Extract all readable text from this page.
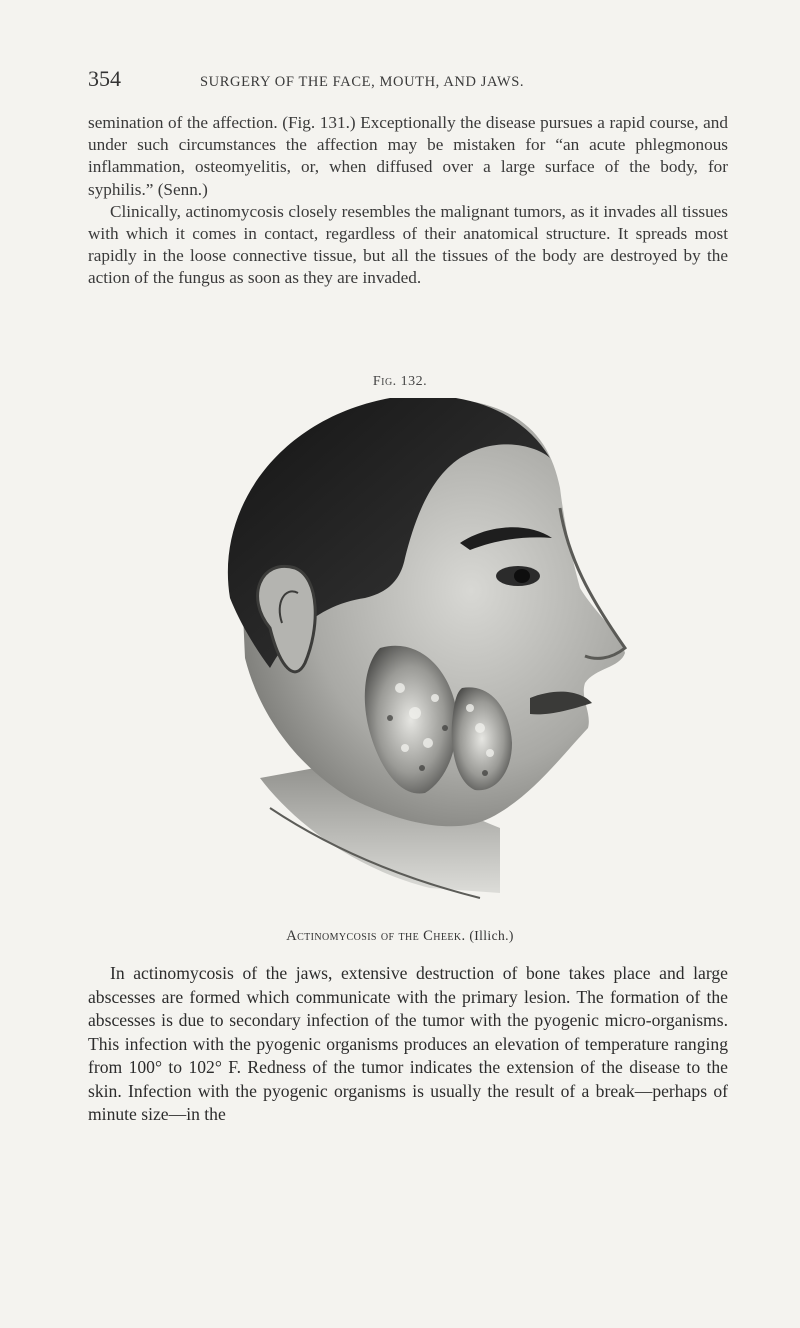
354	SURGERY OF THE FACE, MOUTH, AND JAWS.

semination of the affection. (Fig. 131.) Exceptionally the disease pursues a rapid course, and under such circumstances the affection may be mistaken for “an acute phlegmonous inflammation, osteomyelitis, or, when diffused over a large surface of the body, for syphilis.” (Senn.)
Clinically, actinomycosis closely resembles the malignant tumors, as it invades all tissues with which it comes in contact, regardless of their anatomical structure. It spreads most rapidly in the loose connective tissue, but all the tissues of the body are destroyed by the action of the fungus as soon as they are invaded.

Fig. 132.
Actinomycosis of the Cheek. (Illich.)

In actinomycosis of the jaws, extensive destruction of bone takes place and large abscesses are formed which communicate with the primary lesion. The formation of the abscesses is due to secondary infection of the tumor with the pyogenic micro-organisms. This infection with the pyogenic organisms produces an elevation of temperature ranging from 100° to 102° F. Redness of the tumor indicates the extension of the disease to the skin. Infection with the pyogenic organisms is usually the result of a break—perhaps of minute size—in the
